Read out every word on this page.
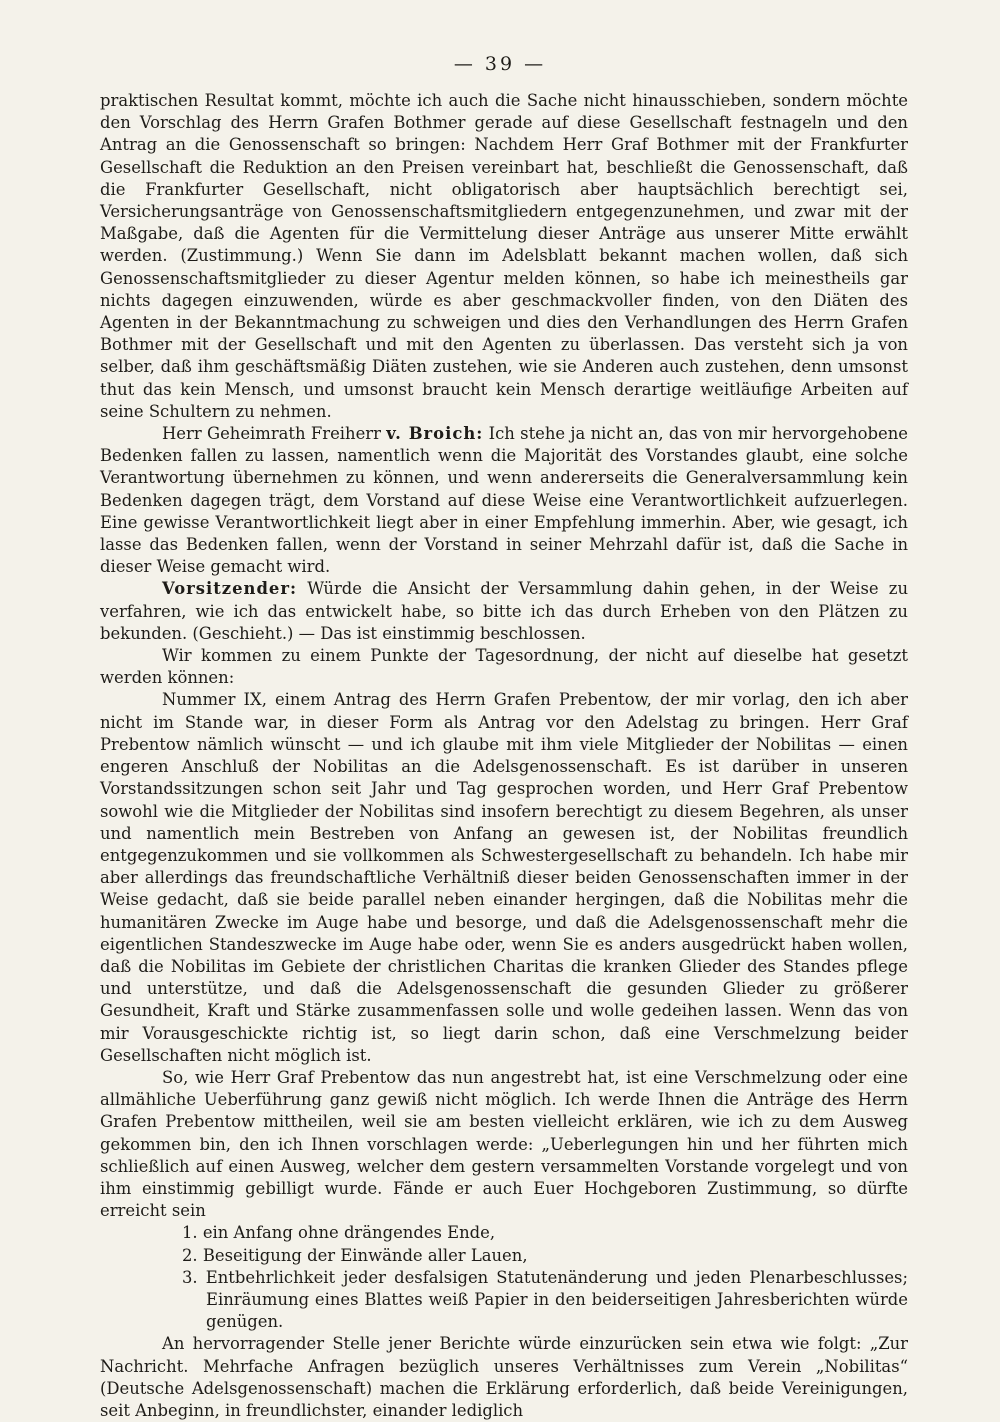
— 39 —

praktischen Resultat kommt, möchte ich auch die Sache nicht hinausschieben, sondern möchte den Vorschlag des Herrn Grafen Bothmer gerade auf diese Gesellschaft festnageln und den Antrag an die Genossenschaft so bringen: Nachdem Herr Graf Bothmer mit der Frankfurter Gesellschaft die Reduktion an den Preisen vereinbart hat, beschließt die Genossenschaft, daß die Frankfurter Gesellschaft, nicht obligatorisch aber hauptsächlich berechtigt sei, Versicherungsanträge von Genossenschaftsmitgliedern entgegenzunehmen, und zwar mit der Maßgabe, daß die Agenten für die Vermittelung dieser Anträge aus unserer Mitte erwählt werden. (Zustimmung.) Wenn Sie dann im Adelsblatt bekannt machen wollen, daß sich Genossenschaftsmitglieder zu dieser Agentur melden können, so habe ich meinestheils gar nichts dagegen einzuwenden, würde es aber geschmackvoller finden, von den Diäten des Agenten in der Bekanntmachung zu schweigen und dies den Verhandlungen des Herrn Grafen Bothmer mit der Gesellschaft und mit den Agenten zu überlassen. Das versteht sich ja von selber, daß ihm geschäftsmäßig Diäten zustehen, wie sie Anderen auch zustehen, denn umsonst thut das kein Mensch, und umsonst braucht kein Mensch derartige weitläufige Arbeiten auf seine Schultern zu nehmen.

Herr Geheimrath Freiherr v. Broich: Ich stehe ja nicht an, das von mir hervorgehobene Bedenken fallen zu lassen, namentlich wenn die Majorität des Vorstandes glaubt, eine solche Verantwortung übernehmen zu können, und wenn andererseits die Generalversammlung kein Bedenken dagegen trägt, dem Vorstand auf diese Weise eine Verantwortlichkeit aufzuerlegen. Eine gewisse Verantwortlichkeit liegt aber in einer Empfehlung immerhin. Aber, wie gesagt, ich lasse das Bedenken fallen, wenn der Vorstand in seiner Mehrzahl dafür ist, daß die Sache in dieser Weise gemacht wird.

Vorsitzender: Würde die Ansicht der Versammlung dahin gehen, in der Weise zu verfahren, wie ich das entwickelt habe, so bitte ich das durch Erheben von den Plätzen zu bekunden. (Geschieht.) — Das ist einstimmig beschlossen.

Wir kommen zu einem Punkte der Tagesordnung, der nicht auf dieselbe hat gesetzt werden können:

Nummer IX, einem Antrag des Herrn Grafen Prebentow, der mir vorlag, den ich aber nicht im Stande war, in dieser Form als Antrag vor den Adelstag zu bringen. Herr Graf Prebentow nämlich wünscht — und ich glaube mit ihm viele Mitglieder der Nobilitas — einen engeren Anschluß der Nobilitas an die Adelsgenossenschaft. Es ist darüber in unseren Vorstandssitzungen schon seit Jahr und Tag gesprochen worden, und Herr Graf Prebentow sowohl wie die Mitglieder der Nobilitas sind insofern berechtigt zu diesem Begehren, als unser und namentlich mein Bestreben von Anfang an gewesen ist, der Nobilitas freundlich entgegenzukommen und sie vollkommen als Schwestergesellschaft zu behandeln. Ich habe mir aber allerdings das freundschaftliche Verhältniß dieser beiden Genossenschaften immer in der Weise gedacht, daß sie beide parallel neben einander hergingen, daß die Nobilitas mehr die humanitären Zwecke im Auge habe und besorge, und daß die Adelsgenossenschaft mehr die eigentlichen Standeszwecke im Auge habe oder, wenn Sie es anders ausgedrückt haben wollen, daß die Nobilitas im Gebiete der christlichen Charitas die kranken Glieder des Standes pflege und unterstütze, und daß die Adelsgenossenschaft die gesunden Glieder zu größerer Gesundheit, Kraft und Stärke zusammenfassen solle und wolle gedeihen lassen. Wenn das von mir Vorausgeschickte richtig ist, so liegt darin schon, daß eine Verschmelzung beider Gesellschaften nicht möglich ist.

So, wie Herr Graf Prebentow das nun angestrebt hat, ist eine Verschmelzung oder eine allmähliche Ueberführung ganz gewiß nicht möglich. Ich werde Ihnen die Anträge des Herrn Grafen Prebentow mittheilen, weil sie am besten vielleicht erklären, wie ich zu dem Ausweg gekommen bin, den ich Ihnen vorschlagen werde: „Ueberlegungen hin und her führten mich schließlich auf einen Ausweg, welcher dem gestern versammelten Vorstande vorgelegt und von ihm einstimmig gebilligt wurde. Fände er auch Euer Hochgeboren Zustimmung, so dürfte erreicht sein

1. ein Anfang ohne drängendes Ende,
2. Beseitigung der Einwände aller Lauen,
3. Entbehrlichkeit jeder desfalsigen Statutenänderung und jeden Plenarbeschlusses; Einräumung eines Blattes weiß Papier in den beiderseitigen Jahresberichten würde genügen.

An hervorragender Stelle jener Berichte würde einzurücken sein etwa wie folgt: „Zur Nachricht. Mehrfache Anfragen bezüglich unseres Verhältnisses zum Verein „Nobilitas“ (Deutsche Adelsgenossenschaft) machen die Erklärung erforderlich, daß beide Vereinigungen, seit Anbeginn, in freundlichster, einander lediglich
